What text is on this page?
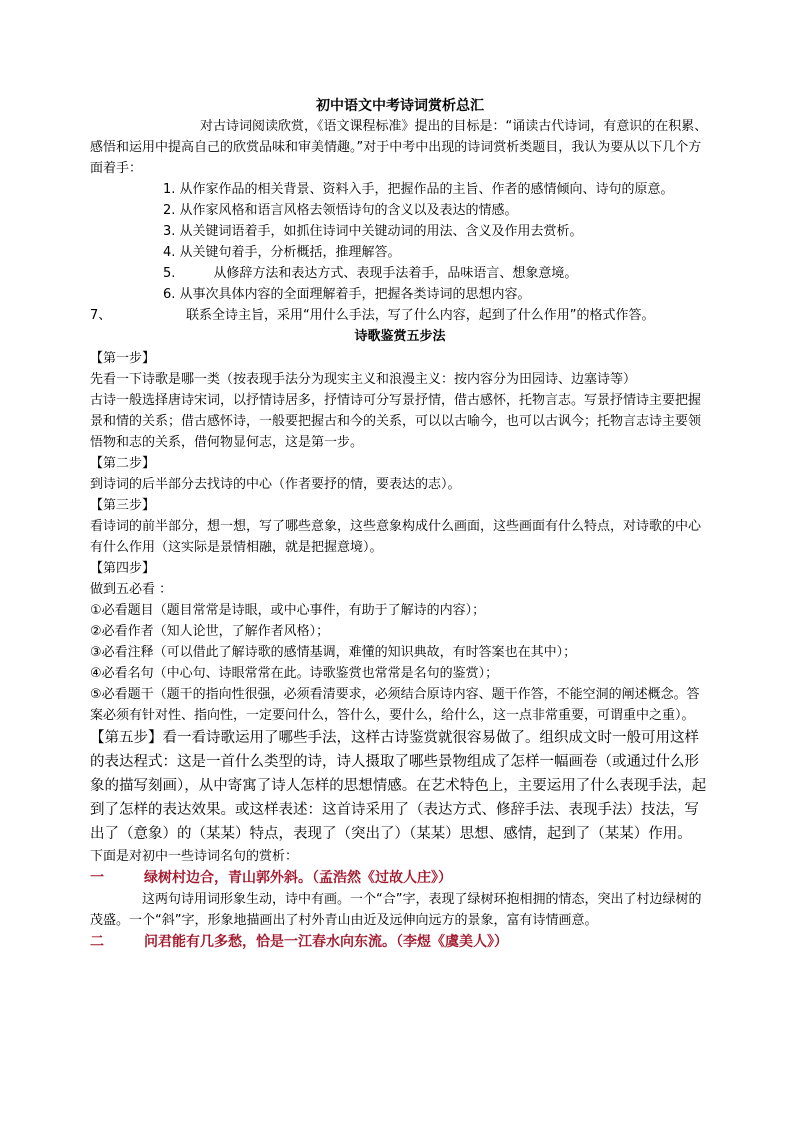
初中语文中考诗词赏析总汇

对古诗词阅读欣赏，《语文课程标准》提出的目标是：“诵读古代诗词，有意识的在积累、感悟和运用中提高自己的欣赏品味和审美情趣。”对于中考中出现的诗词赏析类题目，我认为要从以下几个方面着手：

1. 从作家作品的相关背景、资料入手，把握作品的主旨、作者的感情倾向、诗句的原意。

2. 从作家风格和语言风格去领悟诗句的含义以及表达的情感。

3. 从关键词语着手，如抓住诗词中关键动词的用法、含义及作用去赏析。

4. 从关键句着手，分析概括，推理解答。

5.	从修辞方法和表达方式、表现手法着手，品味语言、想象意境。

6. 从事次具体内容的全面理解着手，把握各类诗词的思想内容。

7、	联系全诗主旨，采用“用什么手法，写了什么内容，起到了什么作用”的格式作答。

诗歌鉴赏五步法

【第一步】

先看一下诗歌是哪一类（按表现手法分为现实主义和浪漫主义：按内容分为田园诗、边塞诗等）

古诗一般选择唐诗宋词，以抒情诗居多，抒情诗可分写景抒情，借古感怀，托物言志。写景抒情诗主要把握景和情的关系；借古感怀诗，一般要把握古和今的关系，可以以古喻今，也可以古讽今；托物言志诗主要领悟物和志的关系，借何物显何志，这是第一步。

【第二步】

到诗词的后半部分去找诗的中心（作者要抒的情，要表达的志）。

【第三步】

看诗词的前半部分，想一想，写了哪些意象，这些意象构成什么画面，这些画面有什么特点，对诗歌的中心有什么作用（这实际是景情相融，就是把握意境）。

【第四步】

做到五必看 ：

①必看题目（题目常常是诗眼，或中心事件，有助于了解诗的内容）；

②必看作者（知人论世，了解作者风格）；

③必看注释（可以借此了解诗歌的感情基调，难懂的知识典故，有时答案也在其中）；

④必看名句（中心句、诗眼常常在此。诗歌鉴赏也常常是名句的鉴赏）；

⑤必看题干（题干的指向性很强，必须看清要求，必须结合原诗内容、题干作答，不能空洞的阐述概念。答案必须有针对性、指向性，一定要问什么，答什么，要什么，给什么，这一点非常重要，可谓重中之重）。

【第五步】看一看诗歌运用了哪些手法，这样古诗鉴赏就很容易做了。组织成文时一般可用这样的表达程式：这是一首什么类型的诗，诗人摄取了哪些景物组成了怎样一幅画卷（或通过什么形象的描写刻画），从中寄寓了诗人怎样的思想情感。在艺术特色上，主要运用了什么表现手法，起到了怎样的表达效果。或这样表述：这首诗采用了（表达方式、修辞手法、表现手法）技法，写出了（意象）的（某某）特点，表现了（突出了）（某某）思想、感情，起到了（某某）作用。

下面是对初中一些诗词名句的赏析：

一	绿树村边合，青山郭外斜。（孟浩然《过故人庄》）

这两句诗用词形象生动，诗中有画。一个“合”字，表现了绿树环抱相拥的情态，突出了村边绿树的茂盛。一个“斜”字，形象地描画出了村外青山由近及远伸向远方的景象，富有诗情画意。

二	问君能有几多愁，恰是一江春水向东流。（李煜《虞美人》）
